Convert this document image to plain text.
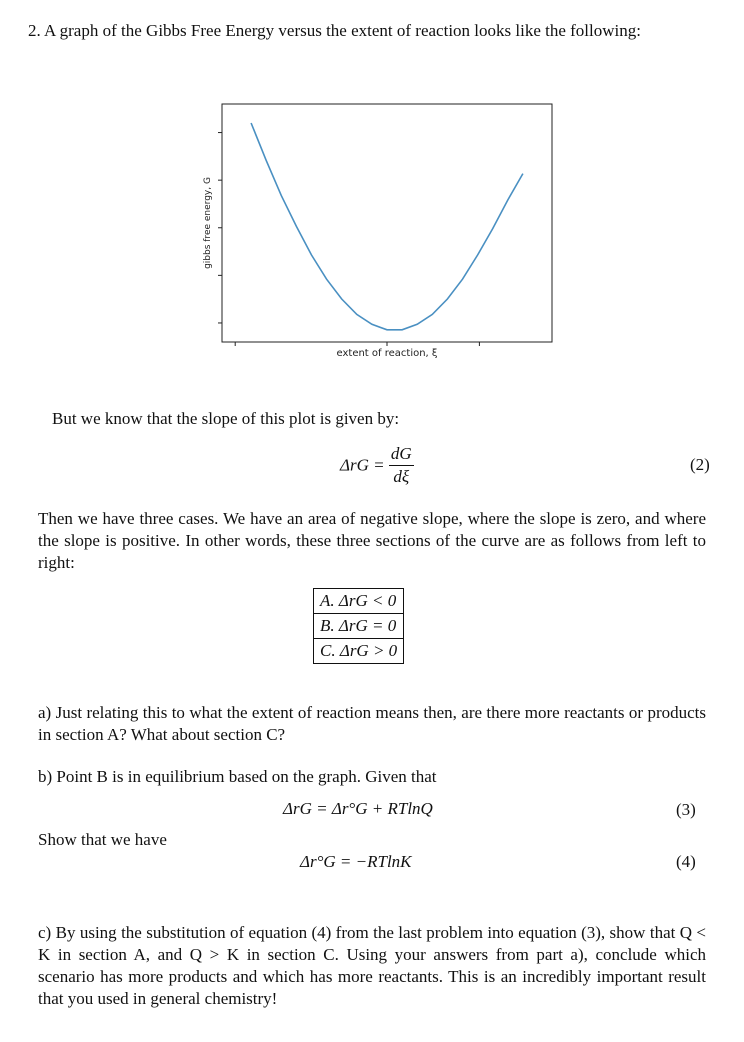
2. A graph of the Gibbs Free Energy versus the extent of reaction looks like the following:
extent of reaction, ξ
gibbs free energy, G
But we know that the slope of this plot is given by:
$\Delta rG = \frac{dG}{d\xi}$	(2)
Then we have three cases. We have an area of negative slope, where the slope is zero, and where the slope is positive. In other words, these three sections of the curve are as follows from left to right:
A. ΔrG < 0
B. ΔrG = 0
C. ΔrG > 0
a) Just relating this to what the extent of reaction means then, are there more reactants or products in section A? What about section C?
b) Point B is in equilibrium based on the graph. Given that
ΔrG = Δr°G + RTlnQ	(3)
Show that we have
Δr°G = −RTlnK	(4)
c) By using the substitution of equation (4) from the last problem into equation (3), show that Q < K in section A, and Q > K in section C. Using your answers from part a), conclude which scenario has more products and which has more reactants. This is an incredibly important result that you used in general chemistry!
